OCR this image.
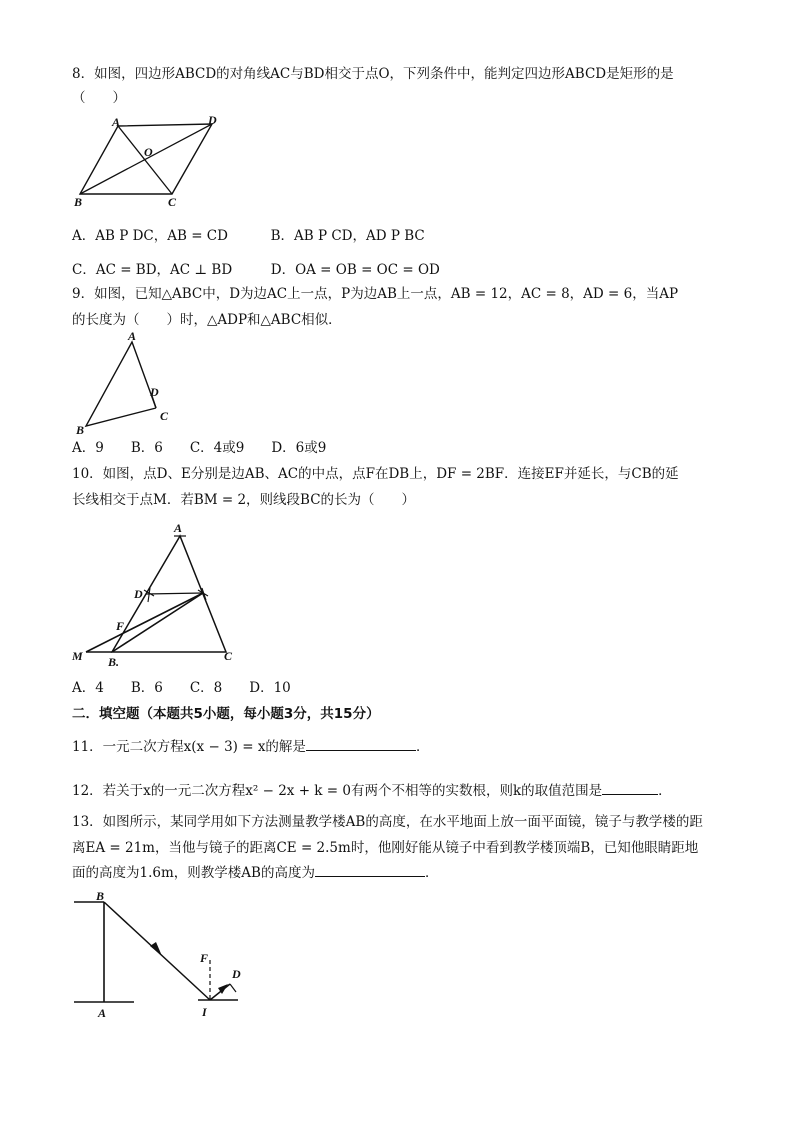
8．如图，四边形ABCD的对角线AC与BD相交于点O，下列条件中，能判定四边形ABCD是矩形的是
（　　）
A	D
O
B	C
A．AB P DC，AB = CD	B．AB P CD，AD P BC
C．AC = BD，AC ⊥ BD	D．OA = OB = OC = OD
9．如图，已知△ABC中，D为边AC上一点，P为边AB上一点，AB = 12，AC = 8，AD = 6，当AP
的长度为（　　）时，△ADP和△ABC相似．
A
D
C
B
A．9　　B．6　　C．4或9　　D．6或9
10．如图，点D、E分别是边AB、AC的中点，点F在DB上，DF = 2BF．连接EF并延长，与CB的延
长线相交于点M．若BM = 2，则线段BC的长为（　　）
A
D
F
M B.	C
A．4　　B．6　　C．8　　D．10
二．填空题（本题共5小题，每小题3分，共15分）
11．一元二次方程x(x − 3) = x的解是	．
12．若关于x的一元二次方程x² − 2x + k = 0有两个不相等的实数根，则k的取值范围是	．
13．如图所示，某同学用如下方法测量教学楼AB的高度，在水平地面上放一面平面镜，镜子与教学楼的距
离EA = 21m，当他与镜子的距离CE = 2.5m时，他刚好能从镜子中看到教学楼顶端B，已知他眼睛距地
面的高度为1.6m，则教学楼AB的高度为	．
B
A
F
D
I
